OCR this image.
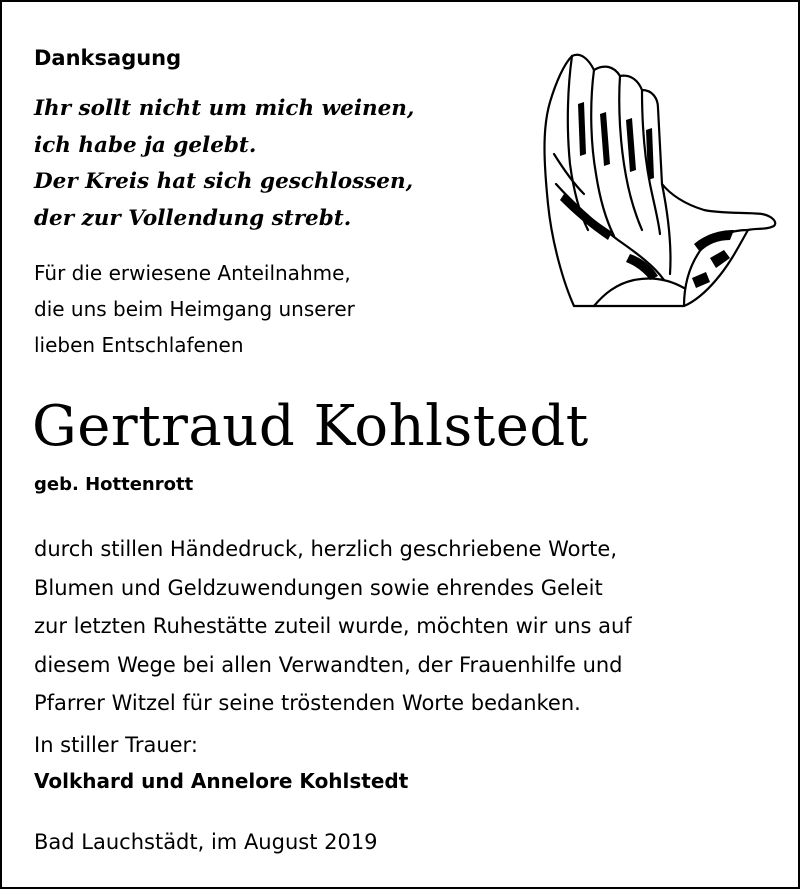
Danksagung
Ihr sollt nicht um mich weinen,
ich habe ja gelebt.
Der Kreis hat sich geschlossen,
der zur Vollendung strebt.
Für die erwiesene Anteilnahme,
die uns beim Heimgang unserer
lieben Entschlafenen
Gertraud Kohlstedt
geb. Hottenrott
durch stillen Händedruck, herzlich geschriebene Worte,
Blumen und Geldzuwendungen sowie ehrendes Geleit
zur letzten Ruhestätte zuteil wurde, möchten wir uns auf
diesem Wege bei allen Verwandten, der Frauenhilfe und
Pfarrer Witzel für seine tröstenden Worte bedanken.
In stiller Trauer:
Volkhard und Annelore Kohlstedt
Bad Lauchstädt, im August 2019
